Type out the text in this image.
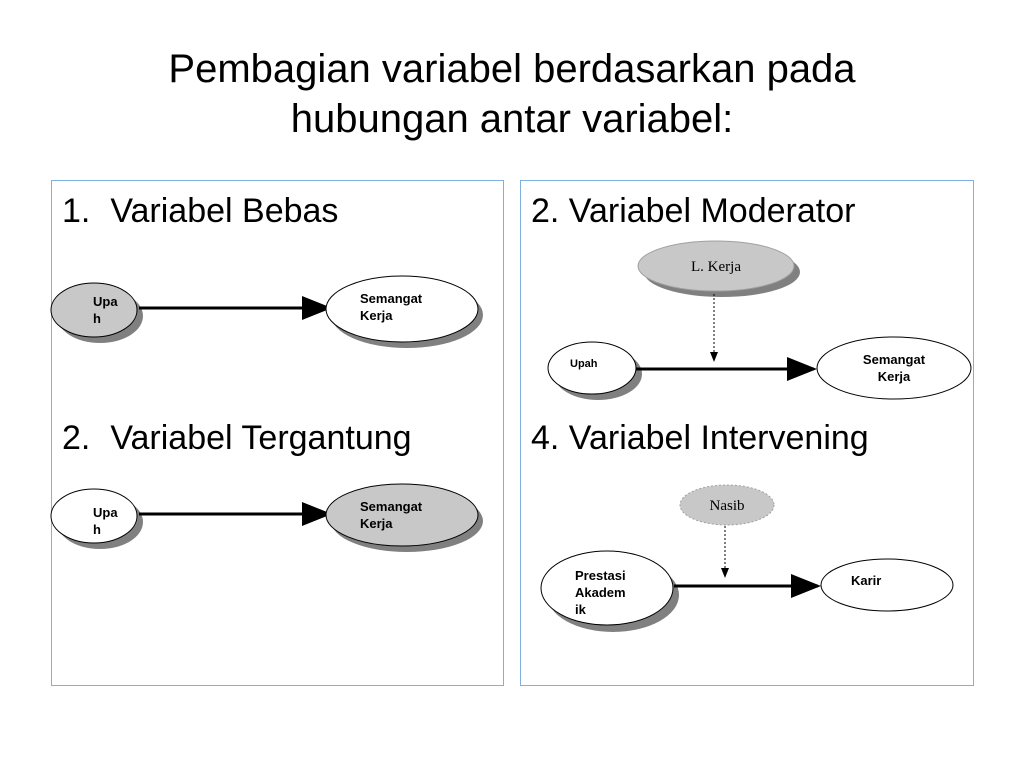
Pembagian variabel berdasarkan pada
hubungan antar variabel:
1. Variabel Bebas
Upa
h
Semangat
Kerja
2. Variabel Tergantung
Upa
h
Semangat
Kerja
2. Variabel Moderator
L. Kerja
Upah	Semangat
Kerja
4. Variabel Intervening
Nasib
Prestasi
Akadem
ik
Karir
